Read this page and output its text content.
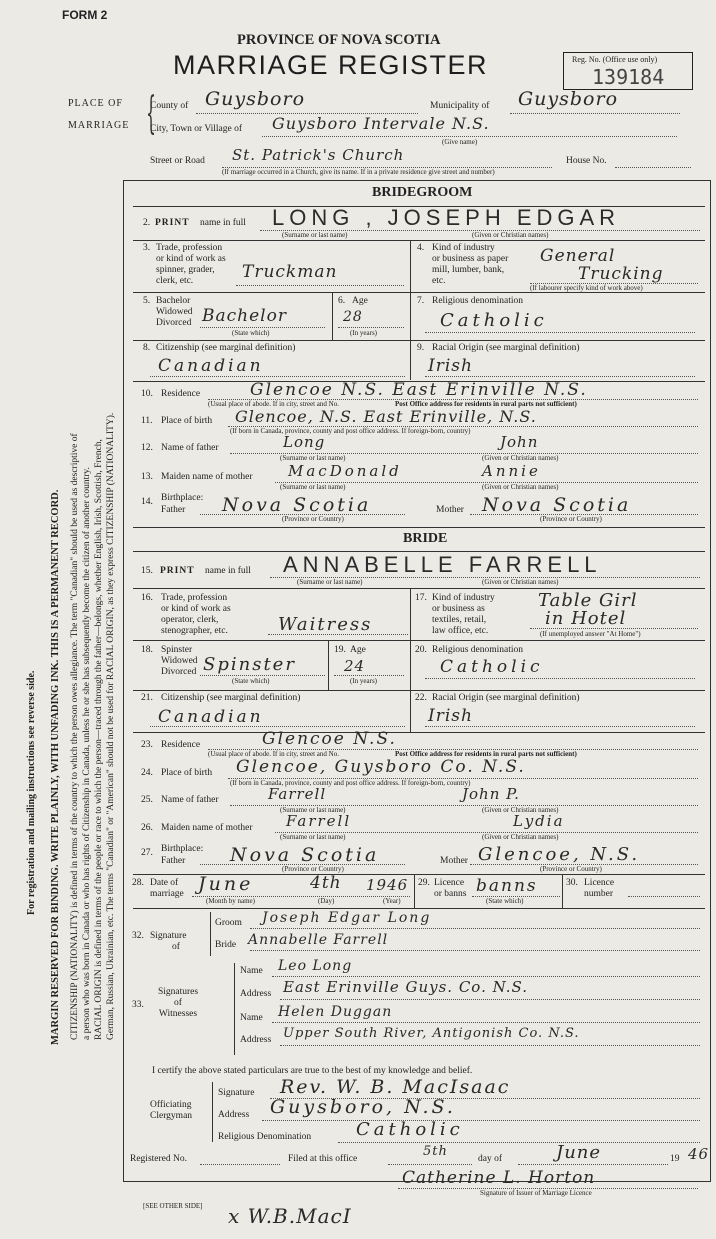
MARGIN RESERVED FOR BINDING. WRITE PLAINLY, WITH UNFADING INK. THIS IS A PERMANENT RECORD.
For registration and mailing instructions see reverse side.	CITIZENSHIP (NATIONALITY) is defined in terms of the country to which the person owes allegiance. The term "Canadian" should be used as descriptive of a person who was born in Canada or who has rights of Citizenship in Canada, unless he or she has subsequently become the citizen of another country. RACIAL ORIGIN is defined in terms of the people or race to which the person—traced through the father—belongs, whether English, Irish, Scottish, French, German, Russian, Ukrainian, etc. The terms "Canadian" or "American" should not be used for RACIAL ORIGIN, as they express CITIZENSHIP (NATIONALITY).
FORM 2
PROVINCE OF NOVA SCOTIA
MARRIAGE REGISTER	Reg. No. (Office use only)
139184
PLACE OF
MARRIAGE {
County of Guysboro	Municipality of Guysboro
City, Town or Village of Guysboro Intervale N.S.
(Give name)
Street or Road St. Patrick's Church	House No.
(If marriage occurred in a Church, give its name. If in a private residence give street and number)
BRIDEGROOM
2. PRINT name in full LONG , JOSEPH EDGAR
(Surname or last name)	(Given or Christian names)
3. Trade, profession
or kind of work as
spinner, grader,
clerk, etc.	Truckman
4. Kind of industry
or business as paper
mill, lumber, bank,
etc.
General
Trucking
(If labourer specify kind of work above)
5. Bachelor
Widowed
Divorced Bachelor
(State which)
6. Age
28
(In years)
7. Religious denomination
Catholic
8. Citizenship (see marginal definition)
Canadian
9. Racial Origin (see marginal definition)
Irish
10. Residence	Glencoe N.S. East Erinville N.S.
(Usual place of abode. If in city, street and No.	Post Office address for residents in rural parts not sufficient)
11. Place of birth Glencoe, N.S. East Erinville, N.S.
(If born in Canada, province, county and post office address. If foreign-born, country)
12. Name of father	Long	John
(Surname or last name)	(Given or Christian names)
13. Maiden name of mother MacDonald	Annie
(Surname or last name)	(Given or Christian names)
14. Birthplace:
Father Nova Scotia	Mother Nova Scotia
(Province or Country)	(Province or Country)
BRIDE
15. PRINT name in full ANNABELLE FARRELL
(Surname or last name)	(Given or Christian names)
16. Trade, profession
or kind of work as
operator, clerk,
stenographer, etc.	Waitress
17. Kind of industry
or business as
textiles, retail,
law office, etc.
Table Girl
in Hotel
(If unemployed answer "At Home")
18. Spinster
Widowed
Divorced Spinster
(State which)
19. Age
24
(In years)
20. Religious denomination
Catholic
21. Citizenship (see marginal definition)
Canadian
22. Racial Origin (see marginal definition)
Irish
23. Residence	Glencoe N.S.
(Usual place of abode. If in city, street and No.	Post Office address for residents in rural parts not sufficient)
24. Place of birth Glencoe, Guysboro Co. N.S.
(If born in Canada, province, county and post office address. If foreign-born, country)
25. Name of father	Farrell	John P.
(Surname or last name)	(Given or Christian names)
26. Maiden name of mother Farrell	Lydia
(Surname or last name)	(Given or Christian names)
27. Birthplace:
Father Nova Scotia	Mother Glencoe, N.S.
(Province or Country)	(Province or Country)
28. Date of
marriage June	4th 1946
(Month by name)	(Day)	(Year)
29. Licence
or banns banns
(State which)
30. Licence
number
32. Signature
of
Groom Joseph Edgar Long
Bride Annabelle Farrell
33.
Signatures
of
Witnesses
Name Leo Long
Address East Erinville Guys. Co. N.S.
Name Helen Duggan
Address Upper South River, Antigonish Co. N.S.
I certify the above stated particulars are true to the best of my knowledge and belief.
Officiating
Clergyman
Signature Rev. W. B. MacIsaac
Address Guysboro, N.S.
Religious Denomination Catholic
Registered No.	Filed at this office	5th	day of	June	19 46
Catherine L. Horton
Signature of Issuer of Marriage Licence
[SEE OTHER SIDE] x W.B.MacI
